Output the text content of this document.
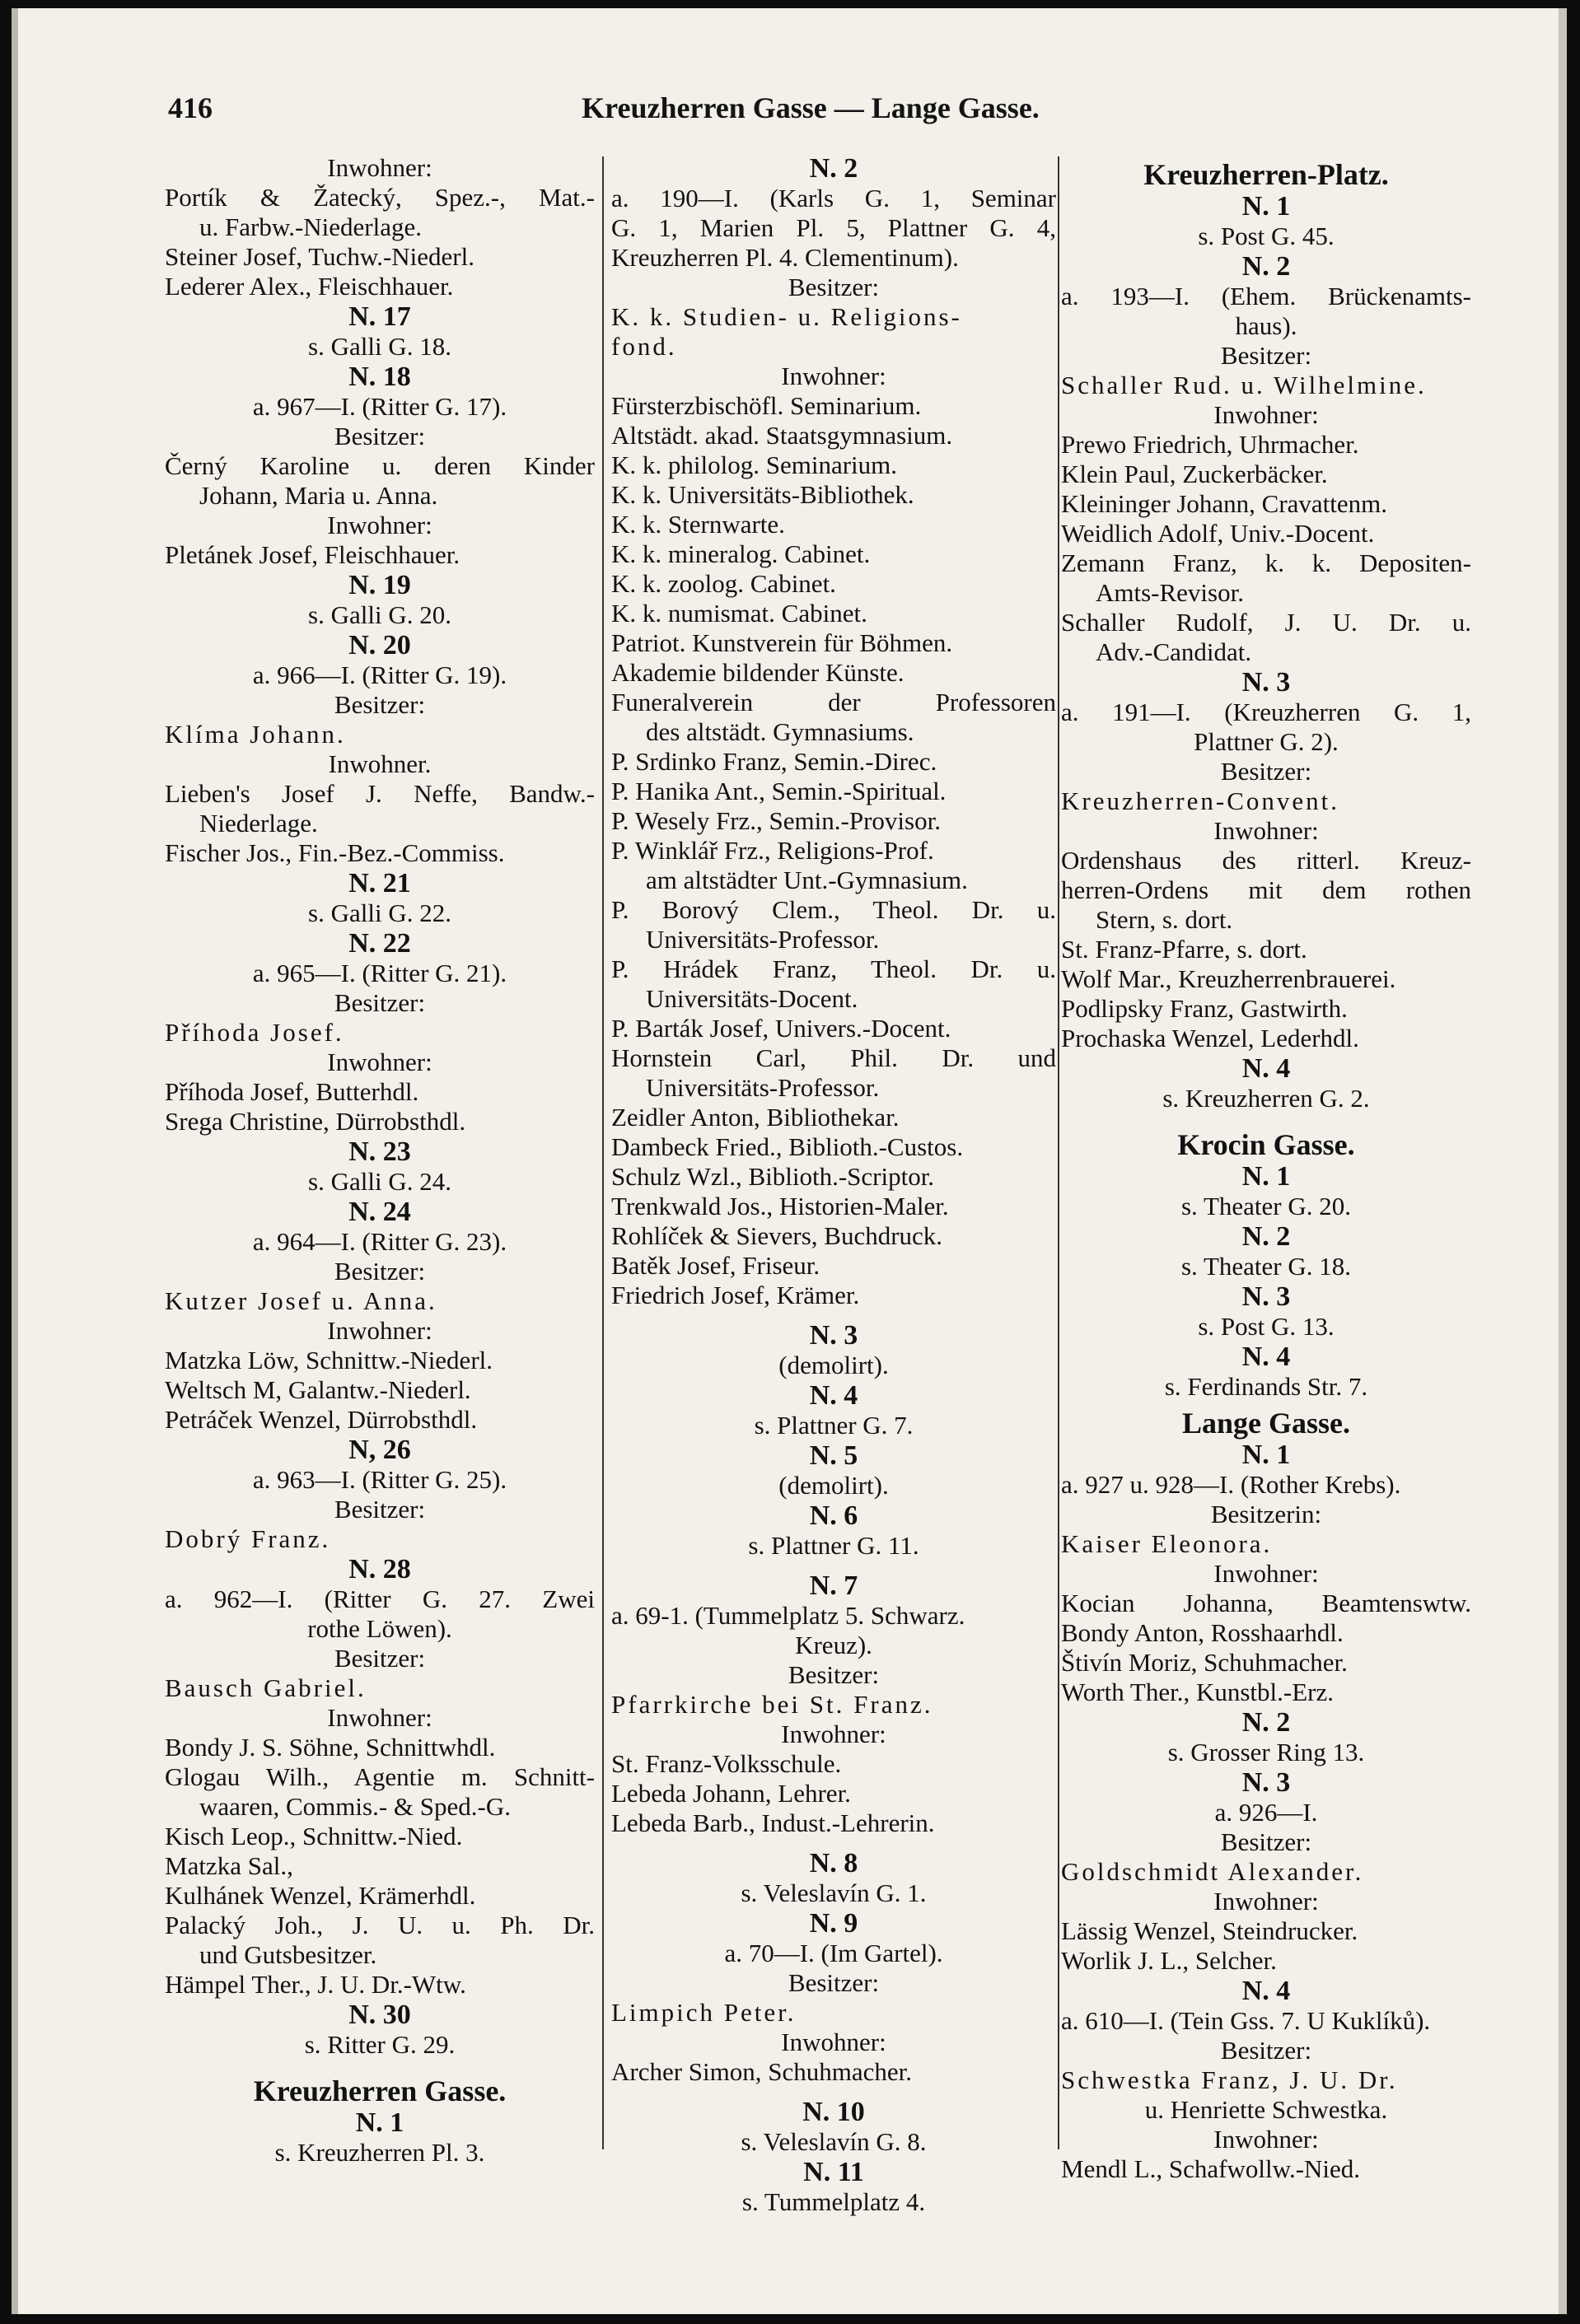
416	Kreuzherren Gasse — Lange Gasse.
Inwohner:
Portík & Žatecký, Spez.-, Mat.-
u. Farbw.-Niederlage.
Steiner Josef, Tuchw.-Niederl.
Lederer Alex., Fleischhauer.
N. 17
s. Galli G. 18.
N. 18
a. 967—I. (Ritter G. 17).
Besitzer:
Černý Karoline u. deren Kinder
Johann, Maria u. Anna.
Inwohner:
Pletánek Josef, Fleischhauer.
N. 19
s. Galli G. 20.
N. 20
a. 966—I. (Ritter G. 19).
Besitzer:
Klíma Johann.
Inwohner.
Lieben's Josef J. Neffe, Bandw.-
Niederlage.
Fischer Jos., Fin.-Bez.-Commiss.
N. 21
s. Galli G. 22.
N. 22
a. 965—I. (Ritter G. 21).
Besitzer:
Příhoda Josef.
Inwohner:
Příhoda Josef, Butterhdl.
Srega Christine, Dürrobsthdl.
N. 23
s. Galli G. 24.
N. 24
a. 964—I. (Ritter G. 23).
Besitzer:
Kutzer Josef u. Anna.
Inwohner:
Matzka Löw, Schnittw.-Niederl.
Weltsch M, Galantw.-Niederl.
Petráček Wenzel, Dürrobsthdl.
N, 26
a. 963—I. (Ritter G. 25).
Besitzer:
Dobrý Franz.
N. 28
a. 962—I. (Ritter G. 27. Zwei
rothe Löwen).
Besitzer:
Bausch Gabriel.
Inwohner:
Bondy J. S. Söhne, Schnittwhdl.
Glogau Wilh., Agentie m. Schnitt-
waaren, Commis.- & Sped.-G.
Kisch Leop., Schnittw.-Nied.
Matzka Sal.,
Kulhánek Wenzel, Krämerhdl.
Palacký Joh., J. U. u. Ph. Dr.
und Gutsbesitzer.
Hämpel Ther., J. U. Dr.-Wtw.
N. 30
s. Ritter G. 29.
Kreuzherren Gasse.
N. 1
s. Kreuzherren Pl. 3.
N. 2
a. 190—I. (Karls G. 1, Seminar
G. 1, Marien Pl. 5, Plattner G. 4,
Kreuzherren Pl. 4. Clementinum).
Besitzer:
K. k. Studien- u. Religions-
fond.
Inwohner:
Fürsterzbischöfl. Seminarium.
Altstädt. akad. Staatsgymnasium.
K. k. philolog. Seminarium.
K. k. Universitäts-Bibliothek.
K. k. Sternwarte.
K. k. mineralog. Cabinet.
K. k. zoolog. Cabinet.
K. k. numismat. Cabinet.
Patriot. Kunstverein für Böhmen.
Akademie bildender Künste.
Funeralverein der Professoren
des altstädt. Gymnasiums.
P. Srdinko Franz, Semin.-Direc.
P. Hanika Ant., Semin.-Spiritual.
P. Wesely Frz., Semin.-Provisor.
P. Winklář Frz., Religions-Prof.
am altstädter Unt.-Gymnasium.
P. Borový Clem., Theol. Dr. u.
Universitäts-Professor.
P. Hrádek Franz, Theol. Dr. u.
Universitäts-Docent.
P. Barták Josef, Univers.-Docent.
Hornstein Carl, Phil. Dr. und
Universitäts-Professor.
Zeidler Anton, Bibliothekar.
Dambeck Fried., Biblioth.-Custos.
Schulz Wzl., Biblioth.-Scriptor.
Trenkwald Jos., Historien-Maler.
Rohlíček & Sievers, Buchdruck.
Batěk Josef, Friseur.
Friedrich Josef, Krämer.
N. 3
(demolirt).
N. 4
s. Plattner G. 7.
N. 5
(demolirt).
N. 6
s. Plattner G. 11.
N. 7
a. 69-1. (Tummelplatz 5. Schwarz.
Kreuz).
Besitzer:
Pfarrkirche bei St. Franz.
Inwohner:
St. Franz-Volksschule.
Lebeda Johann, Lehrer.
Lebeda Barb., Indust.-Lehrerin.
N. 8
s. Veleslavín G. 1.
N. 9
a. 70—I. (Im Gartel).
Besitzer:
Limpich Peter.
Inwohner:
Archer Simon, Schuhmacher.
N. 10
s. Veleslavín G. 8.
N. 11
s. Tummelplatz 4.
Kreuzherren-Platz.
N. 1
s. Post G. 45.
N. 2
a. 193—I. (Ehem. Brückenamts-
haus).
Besitzer:
Schaller Rud. u. Wilhelmine.
Inwohner:
Prewo Friedrich, Uhrmacher.
Klein Paul, Zuckerbäcker.
Kleininger Johann, Cravattenm.
Weidlich Adolf, Univ.-Docent.
Zemann Franz, k. k. Depositen-
Amts-Revisor.
Schaller Rudolf, J. U. Dr. u.
Adv.-Candidat.
N. 3
a. 191—I. (Kreuzherren G. 1,
Plattner G. 2).
Besitzer:
Kreuzherren-Convent.
Inwohner:
Ordenshaus des ritterl. Kreuz-
herren-Ordens mit dem rothen
Stern, s. dort.
St. Franz-Pfarre, s. dort.
Wolf Mar., Kreuzherrenbrauerei.
Podlipsky Franz, Gastwirth.
Prochaska Wenzel, Lederhdl.
N. 4
s. Kreuzherren G. 2.
Krocin Gasse.
N. 1
s. Theater G. 20.
N. 2
s. Theater G. 18.
N. 3
s. Post G. 13.
N. 4
s. Ferdinands Str. 7.
Lange Gasse.
N. 1
a. 927 u. 928—I. (Rother Krebs).
Besitzerin:
Kaiser Eleonora.
Inwohner:
Kocian Johanna, Beamtenswtw.
Bondy Anton, Rosshaarhdl.
Štivín Moriz, Schuhmacher.
Worth Ther., Kunstbl.-Erz.
N. 2
s. Grosser Ring 13.
N. 3
a. 926—I.
Besitzer:
Goldschmidt Alexander.
Inwohner:
Lässig Wenzel, Steindrucker.
Worlik J. L., Selcher.
N. 4
a. 610—I. (Tein Gss. 7. U Kuklíků).
Besitzer:
Schwestka Franz, J. U. Dr.
u. Henriette Schwestka.
Inwohner:
Mendl L., Schafwollw.-Nied.
